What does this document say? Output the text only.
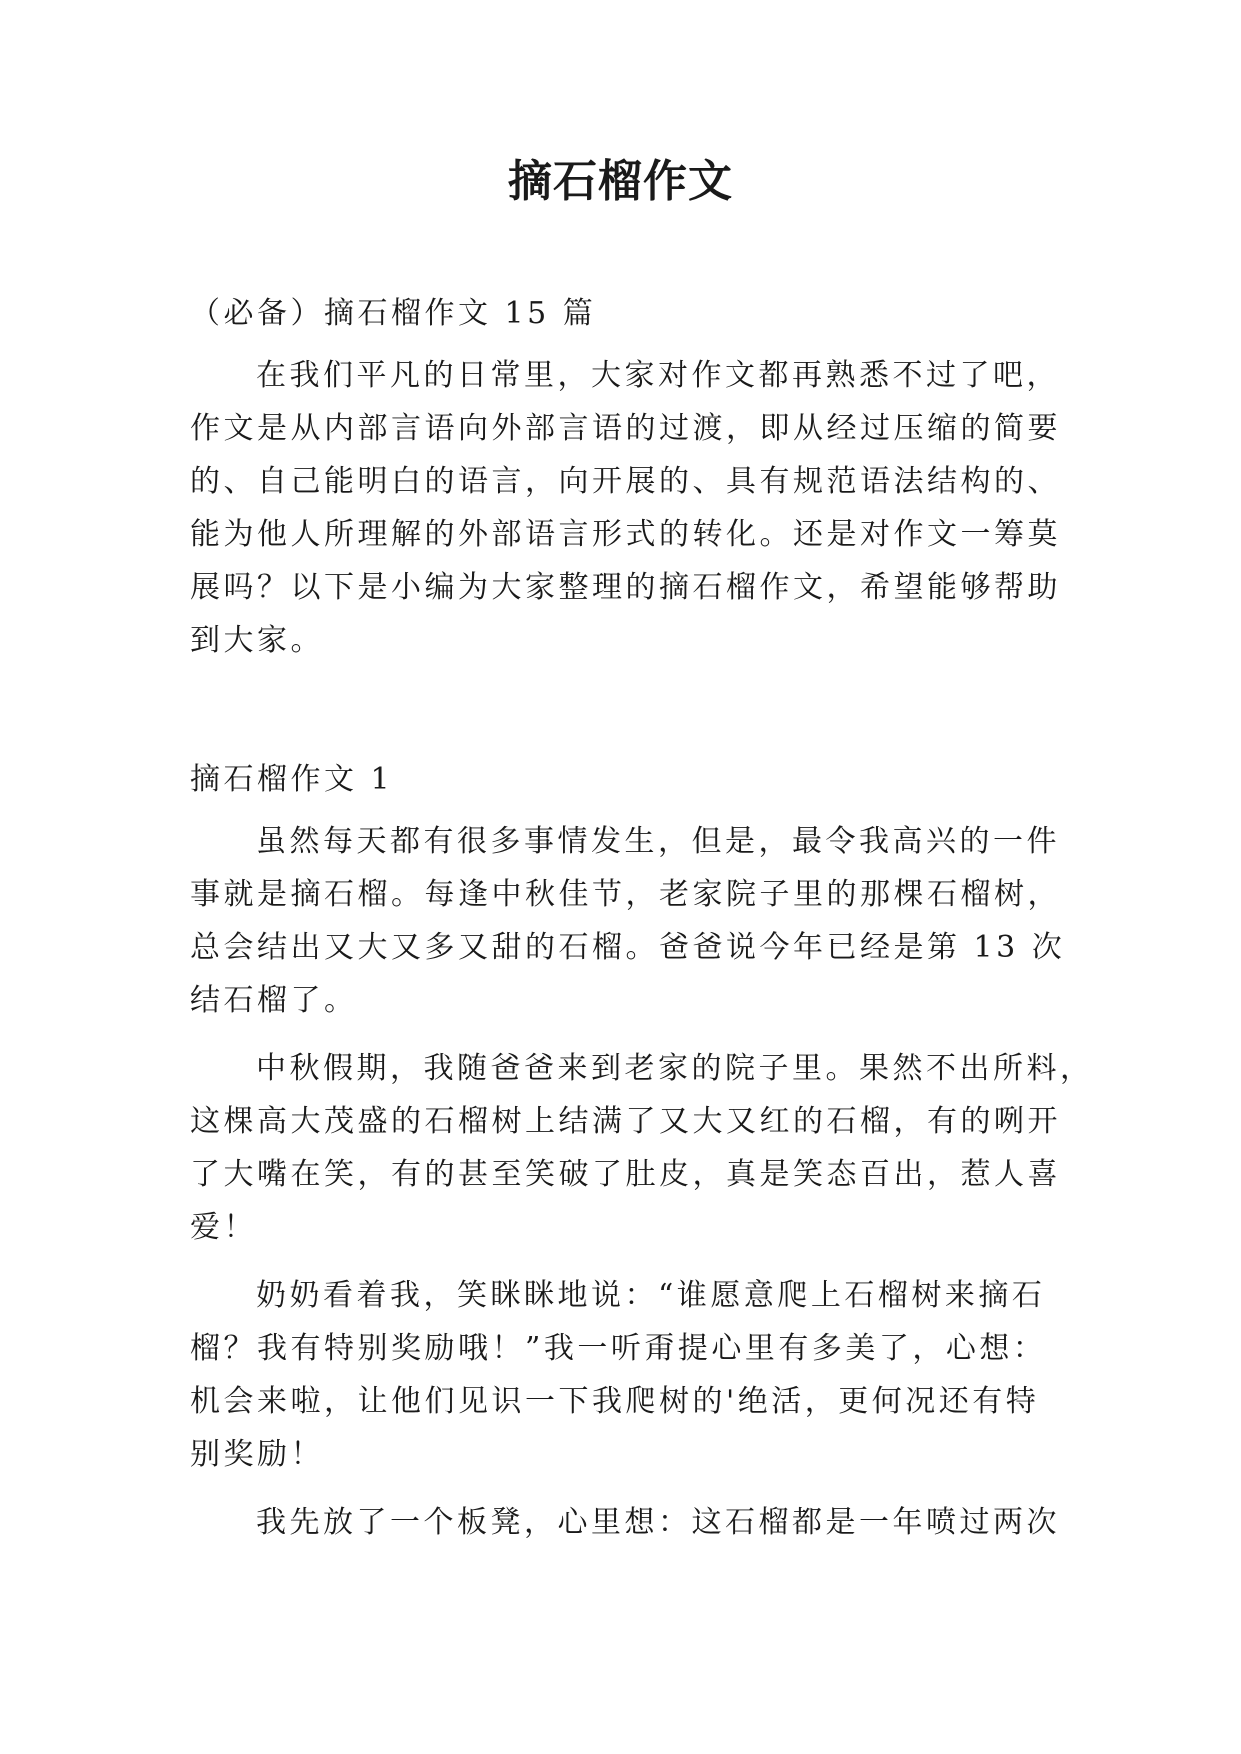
摘石榴作文

（必备）摘石榴作文 15 篇

在我们平凡的日常里，大家对作文都再熟悉不过了吧，

作文是从内部言语向外部言语的过渡，即从经过压缩的简要

的、自己能明白的语言，向开展的、具有规范语法结构的、

能为他人所理解的外部语言形式的转化。还是对作文一筹莫

展吗？以下是小编为大家整理的摘石榴作文，希望能够帮助

到大家。

摘石榴作文 1

虽然每天都有很多事情发生，但是，最令我高兴的一件

事就是摘石榴。每逢中秋佳节，老家院子里的那棵石榴树，

总会结出又大又多又甜的石榴。爸爸说今年已经是第 13 次

结石榴了。

中秋假期，我随爸爸来到老家的院子里。果然不出所料，

这棵高大茂盛的石榴树上结满了又大又红的石榴，有的咧开

了大嘴在笑，有的甚至笑破了肚皮，真是笑态百出，惹人喜

爱！

奶奶看着我，笑眯眯地说：“谁愿意爬上石榴树来摘石

榴？我有特别奖励哦！”我一听甭提心里有多美了，心想：

机会来啦，让他们见识一下我爬树的'绝活，更何况还有特

别奖励！

我先放了一个板凳，心里想：这石榴都是一年喷过两次
